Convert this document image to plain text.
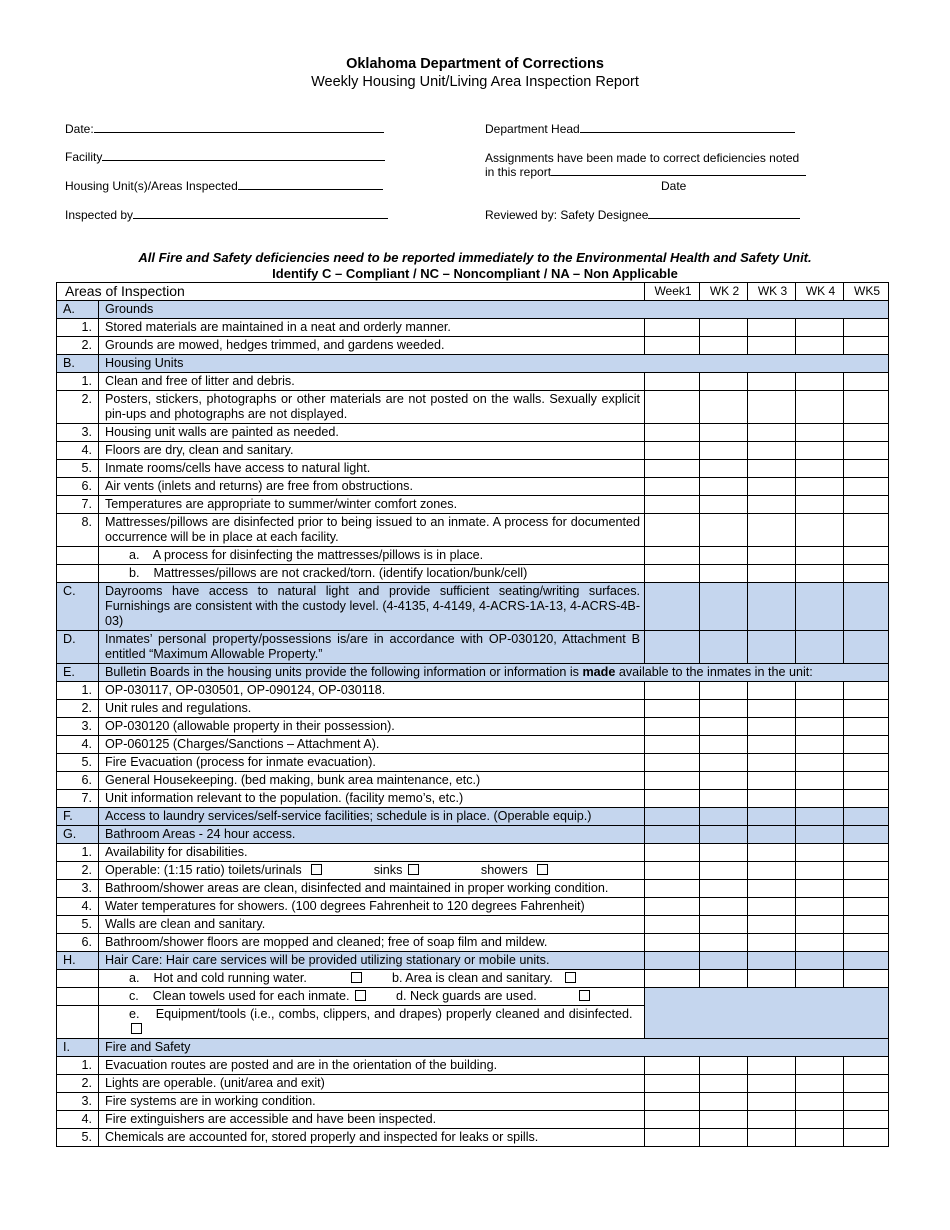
Oklahoma Department of Corrections
Weekly Housing Unit/Living Area Inspection Report
Date:
Facility
Housing Unit(s)/Areas Inspected
Inspected by
Department Head
Assignments have been made to correct deficiencies noted
in this report
Date
Reviewed by: Safety Designee
All Fire and Safety deficiencies need to be reported immediately to the Environmental Health and Safety Unit.
Identify C – Compliant / NC – Noncompliant / NA – Non Applicable
Areas of Inspection		Week1	WK 2	WK 3	WK 4	WK5
A.	Grounds					
1.	Stored materials are maintained in a neat and orderly manner.					
2.	Grounds are mowed, hedges trimmed, and gardens weeded.					
B.	Housing Units					
1.	Clean and free of litter and debris.					
2.	Posters, stickers, photographs or other materials are not posted on the walls. Sexually explicit pin-ups and photographs are not displayed.					
3.	Housing unit walls are painted as needed.					
4.	Floors are dry, clean and sanitary.					
5.	Inmate rooms/cells have access to natural light.					
6.	Air vents (inlets and returns) are free from obstructions.					
7.	Temperatures are appropriate to summer/winter comfort zones.					
8.	Mattresses/pillows are disinfected prior to being issued to an inmate. A process for documented occurrence will be in place at each facility.					
	a.    A process for disinfecting the mattresses/pillows is in place.					
	b.    Mattresses/pillows are not cracked/torn. (identify location/bunk/cell)					
C.	Dayrooms have access to natural light and provide sufficient seating/writing surfaces. Furnishings are consistent with the custody level. (4-4135, 4-4149, 4-ACRS-1A-13, 4-ACRS-4B-03)					
D.	Inmates’ personal property/possessions is/are in accordance with OP-030120, Attachment B entitled “Maximum Allowable Property.”					
E.	Bulletin Boards in the housing units provide the following information or information is made available to the inmates in the unit:					
1.	OP-030117, OP-030501, OP-090124, OP-030118.					
2.	Unit rules and regulations.					
3.	OP-030120 (allowable property in their possession).					
4.	OP-060125 (Charges/Sanctions – Attachment A).					
5.	Fire Evacuation (process for inmate evacuation).					
6.	General Housekeeping. (bed making, bunk area maintenance, etc.)					
7.	Unit information relevant to the population. (facility memo’s, etc.)					
F.	Access to laundry services/self-service facilities; schedule is in place. (Operable equip.)					
G.	Bathroom Areas - 24 hour access.					
1.	Availability for disabilities.					
2.	Operable: (1:15 ratio) toilets/urinals sinks showers					
3.	Bathroom/shower areas are clean, disinfected and maintained in proper working condition.					
4.	Water temperatures for showers. (100 degrees Fahrenheit to 120 degrees Fahrenheit)					
5.	Walls are clean and sanitary.					
6.	Bathroom/shower floors are mopped and cleaned; free of soap film and mildew.					
H.	Hair Care: Hair care services will be provided utilizing stationary or mobile units.					
	a.    Hot and cold running water. b. Area is clean and sanitary.					
	c.    Clean towels used for each inmate. d. Neck guards are used.					
	e.    Equipment/tools (i.e., combs, clippers, and drapes) properly cleaned and disinfected.					
I.	Fire and Safety					
1.	Evacuation routes are posted and are in the orientation of the building.					
2.	Lights are operable. (unit/area and exit)					
3.	Fire systems are in working condition.					
4.	Fire extinguishers are accessible and have been inspected.					
5.	Chemicals are accounted for, stored properly and inspected for leaks or spills.					
